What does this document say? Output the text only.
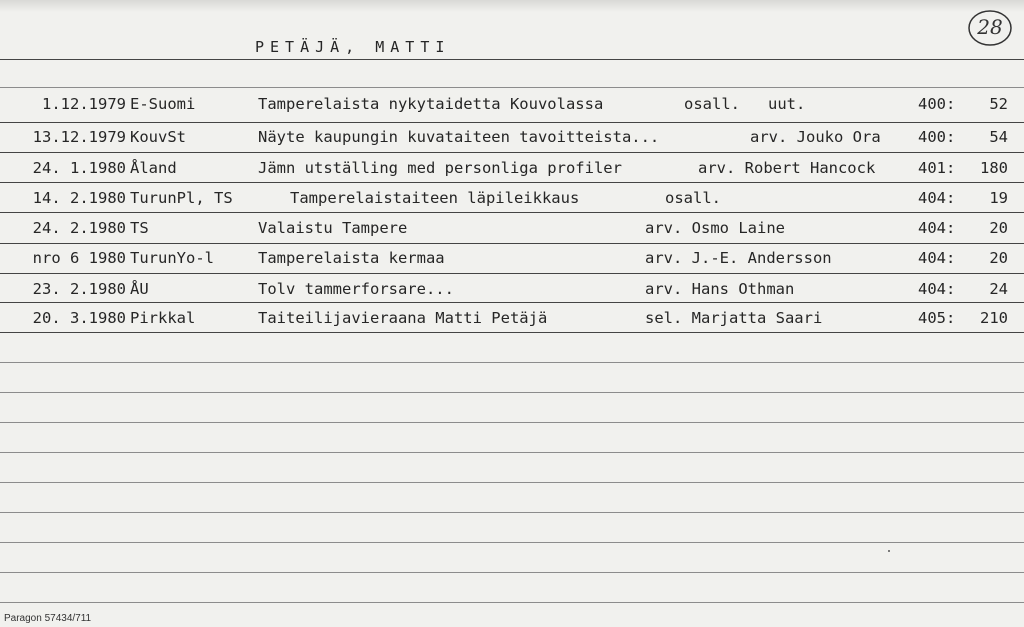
PETÄJÄ, MATTI
28
1.12.1979 E-Suomi	Tamperelaista nykytaidetta Kouvolassa	osall.   uut.	400:	52
13.12.1979 KouvSt	Näyte kaupungin kuvataiteen tavoitteista...	arv. Jouko Ora 400:	54
24. 1.1980 Åland	Jämn utställing med personliga profiler	arv. Robert Hancock	401:	180
14. 2.1980 TurunPl, TS	Tamperelaistaiteen läpileikkaus	osall.	404:	19
24. 2.1980 TS	Valaistu Tampere	arv. Osmo Laine	404:	20
nro 6 1980 TurunYo-l	Tamperelaista kermaa	arv. J.-E. Andersson	404:	20
23. 2.1980 ÅU	Tolv tammerforsare...	arv. Hans Othman	404:	24
20. 3.1980 Pirkkal	Taiteilijavieraana Matti Petäjä	sel. Marjatta Saari	405:	210
Paragon 57434/711
